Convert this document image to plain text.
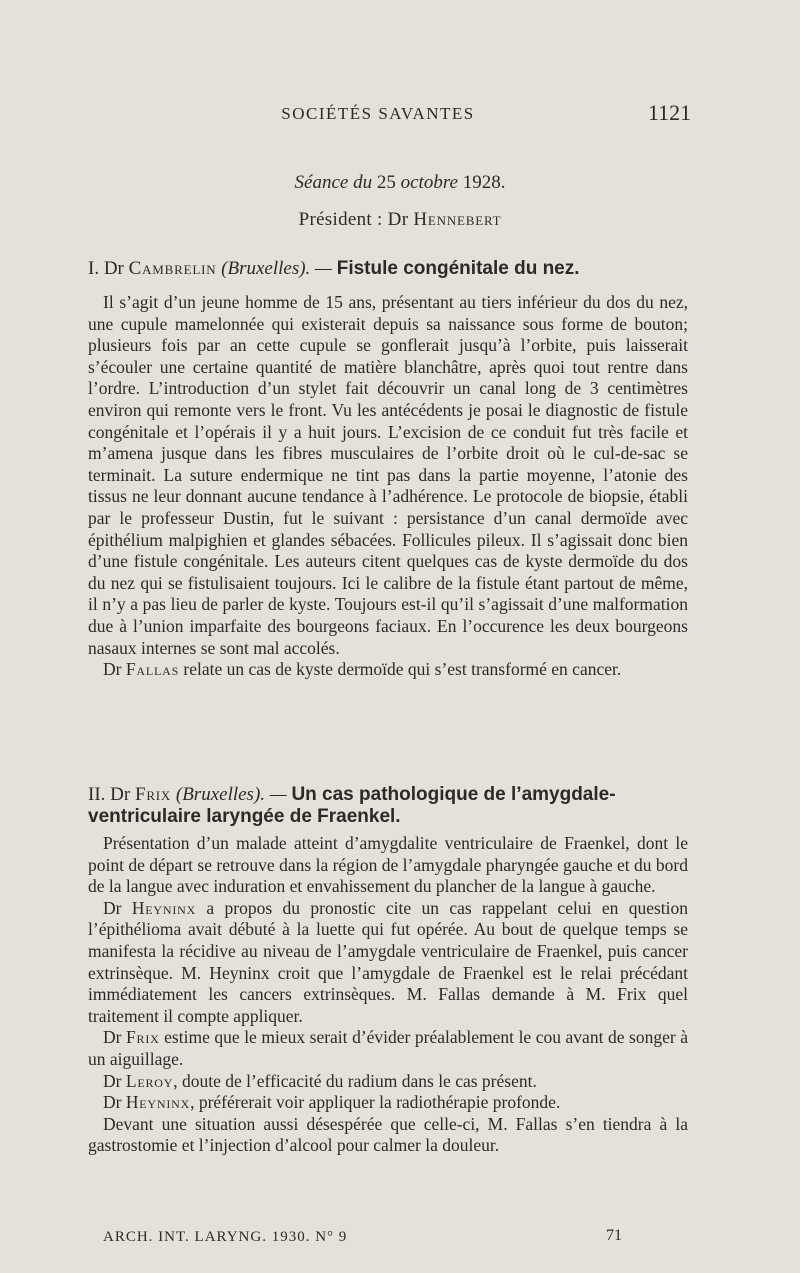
SOCIÉTÉS SAVANTES	1121
Séance du 25 octobre 1928.
Président : Dr Hennebert
I. Dr Cambrelin (Bruxelles). — Fistule congénitale du nez.

Il s’agit d’un jeune homme de 15 ans, présentant au tiers inférieur du dos du nez, une cupule mamelonnée qui existerait depuis sa naissance sous forme de bouton; plusieurs fois par an cette cupule se gonflerait jusqu’à l’orbite, puis laisserait s’écouler une certaine quantité de matière blanchâtre, après quoi tout rentre dans l’ordre. L’introduction d’un stylet fait découvrir un canal long de 3 centimètres environ qui remonte vers le front. Vu les antécédents je posai le diagnostic de fistule congénitale et l’opérais il y a huit jours. L’excision de ce conduit fut très facile et m’amena jusque dans les fibres musculaires de l’orbite droit où le cul-de-sac se terminait. La suture endermique ne tint pas dans la partie moyenne, l’atonie des tissus ne leur donnant aucune tendance à l’adhérence. Le protocole de biopsie, établi par le professeur Dustin, fut le suivant : persistance d’un canal dermoïde avec épithélium malpighien et glandes sébacées. Follicules pileux. Il s’agissait donc bien d’une fistule congénitale. Les auteurs citent quelques cas de kyste dermoïde du dos du nez qui se fistulisaient toujours. Ici le calibre de la fistule étant partout de même, il n’y a pas lieu de parler de kyste. Toujours est-il qu’il s’agissait d’une malformation due à l’union imparfaite des bourgeons faciaux. En l’occurence les deux bourgeons nasaux internes se sont mal accolés.

Dr Fallas relate un cas de kyste dermoïde qui s’est transformé en cancer.

II. Dr Frix (Bruxelles). — Un cas pathologique de l’amygdale-ventriculaire laryngée de Fraenkel.

Présentation d’un malade atteint d’amygdalite ventriculaire de Fraenkel, dont le point de départ se retrouve dans la région de l’amygdale pharyngée gauche et du bord de la langue avec induration et envahissement du plancher de la langue à gauche.

Dr Heyninx a propos du pronostic cite un cas rappelant celui en question l’épithélioma avait débuté à la luette qui fut opérée. Au bout de quelque temps se manifesta la récidive au niveau de l’amygdale ventriculaire de Fraenkel, puis cancer extrinsèque. M. Heyninx croit que l’amygdale de Fraenkel est le relai précédant immédiatement les cancers extrinsèques. M. Fallas demande à M. Frix quel traitement il compte appliquer.

Dr Frix estime que le mieux serait d’évider préalablement le cou avant de songer à un aiguillage.

Dr Leroy, doute de l’efficacité du radium dans le cas présent.

Dr Heyninx, préférerait voir appliquer la radiothérapie profonde.

Devant une situation aussi désespérée que celle-ci, M. Fallas s’en tiendra à la gastrostomie et l’injection d’alcool pour calmer la douleur.

ARCH. INT. LARYNG. 1930. N° 9	71
